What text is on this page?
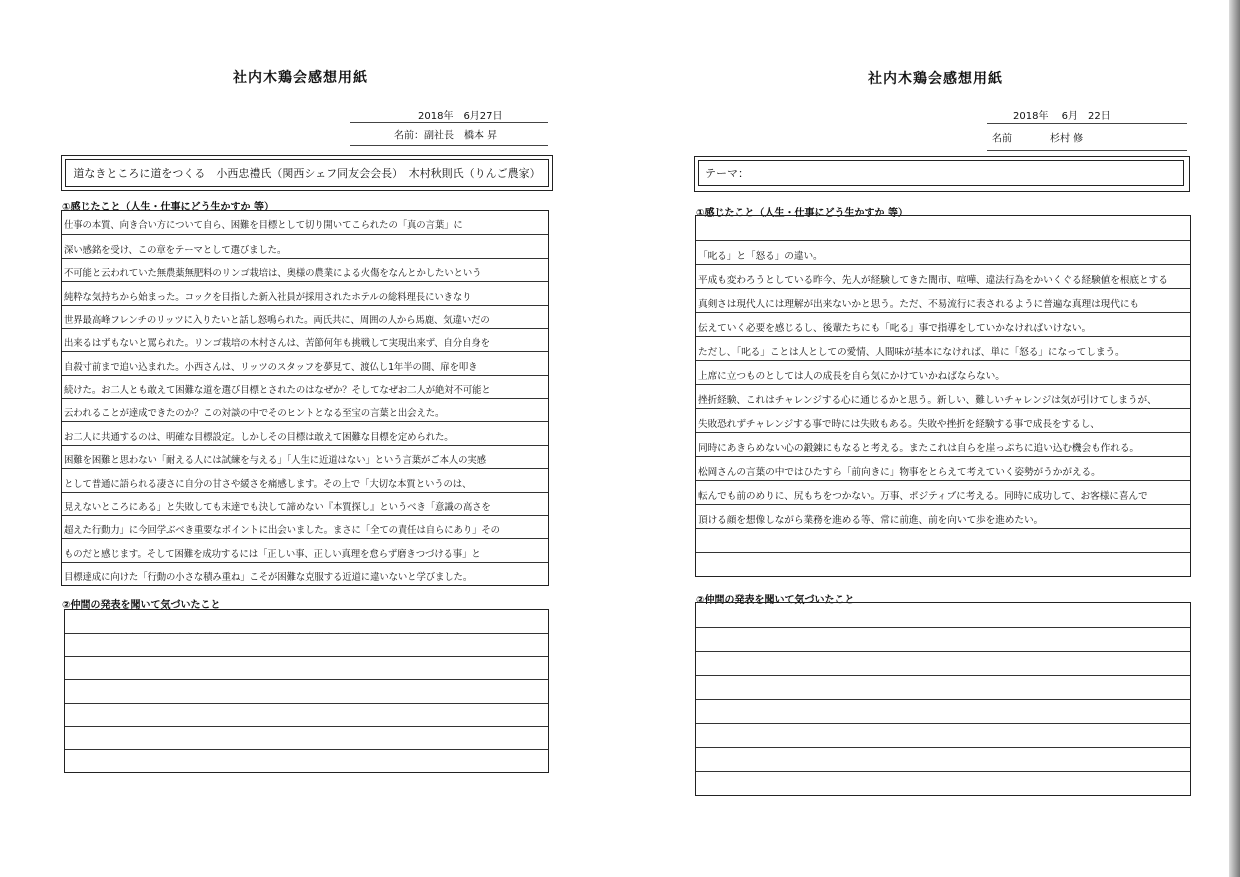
社内木鶏会感想用紙
2018年　6月27日
名前：副社長　橋本 昇
道なきところに道をつくる　小西忠禮氏（関西シェフ同友会会長）　木村秋則氏（りんご農家）
①感じたこと（人生・仕事にどう生かすか 等）
仕事の本質、向き合い方について自ら、困難を目標として切り開いてこられたの「真の言葉」に
深い感銘を受け、この章をテーマとして選びました。
不可能と云われていた無農薬無肥料のリンゴ栽培は、奥様の農業による火傷をなんとかしたいという
純粋な気持ちから始まった。コックを目指した新入社員が採用されたホテルの総料理長にいきなり
世界最高峰フレンチのリッツに入りたいと話し怒鳴られた。両氏共に、周囲の人から馬鹿、気違いだの
出来るはずもないと罵られた。リンゴ栽培の木村さんは、苦節何年も挑戦して実現出来ず、自分自身を
自殺寸前まで追い込まれた。小西さんは、リッツのスタッフを夢見て、渡仏し1年半の間、扉を叩き
続けた。お二人とも敢えて困難な道を選び目標とされたのはなぜか？そしてなぜお二人が絶対不可能と
云われることが達成できたのか？この対談の中でそのヒントとなる至宝の言葉と出会えた。
お二人に共通するのは、明確な目標設定。しかしその目標は敢えて困難な目標を定められた。
困難を困難と思わない「耐える人には試練を与える」「人生に近道はない」という言葉がご本人の実感
として普通に語られる凄さに自分の甘さや緩さを痛感します。その上で「大切な本質というのは、
見えないところにある」と失敗しても末達でも決して諦めない『本質探し』というべき「意識の高さを
超えた行動力」に今回学ぶべき重要なポイントに出会いました。まさに「全ての責任は自らにあり」その
ものだと感じます。そして困難を成功するには「正しい事、正しい真理を怠らず磨きつづける事」と
目標達成に向けた「行動の小さな積み重ね」こそが困難な克服する近道に違いないと学びました。
②仲間の発表を聞いて気づいたこと
社内木鶏会感想用紙
2018年　 6月　22日
名前	杉村 修
テーマ：
①感じたこと（人生・仕事にどう生かすか 等）
「叱る」と「怒る」の違い。
平成も変わろうとしている昨今、先人が経験してきた闇市、喧嘩、違法行為をかいくぐる経験値を根底とする
真剣さは現代人には理解が出来ないかと思う。ただ、不易流行に表されるように普遍な真理は現代にも
伝えていく必要を感じるし、後輩たちにも「叱る」事で指導をしていかなければいけない。
ただし、「叱る」ことは人としての愛情、人間味が基本になければ、単に「怒る」になってしまう。
上席に立つものとしては人の成長を自ら気にかけていかねばならない。
挫折経験、これはチャレンジする心に通じるかと思う。新しい、難しいチャレンジは気が引けてしまうが、
失敗恐れずチャレンジする事で時には失敗もある。失敗や挫折を経験する事で成長をするし、
同時にあきらめない心の鍛錬にもなると考える。またこれは自らを崖っぷちに追い込む機会も作れる。
松岡さんの言葉の中ではひたすら「前向きに」物事をとらえて考えていく姿勢がうかがえる。
転んでも前のめりに、尻もちをつかない。万事、ポジティブに考える。同時に成功して、お客様に喜んで
頂ける顔を想像しながら業務を進める等、常に前進、前を向いて歩を進めたい。
②仲間の発表を聞いて気づいたこと
